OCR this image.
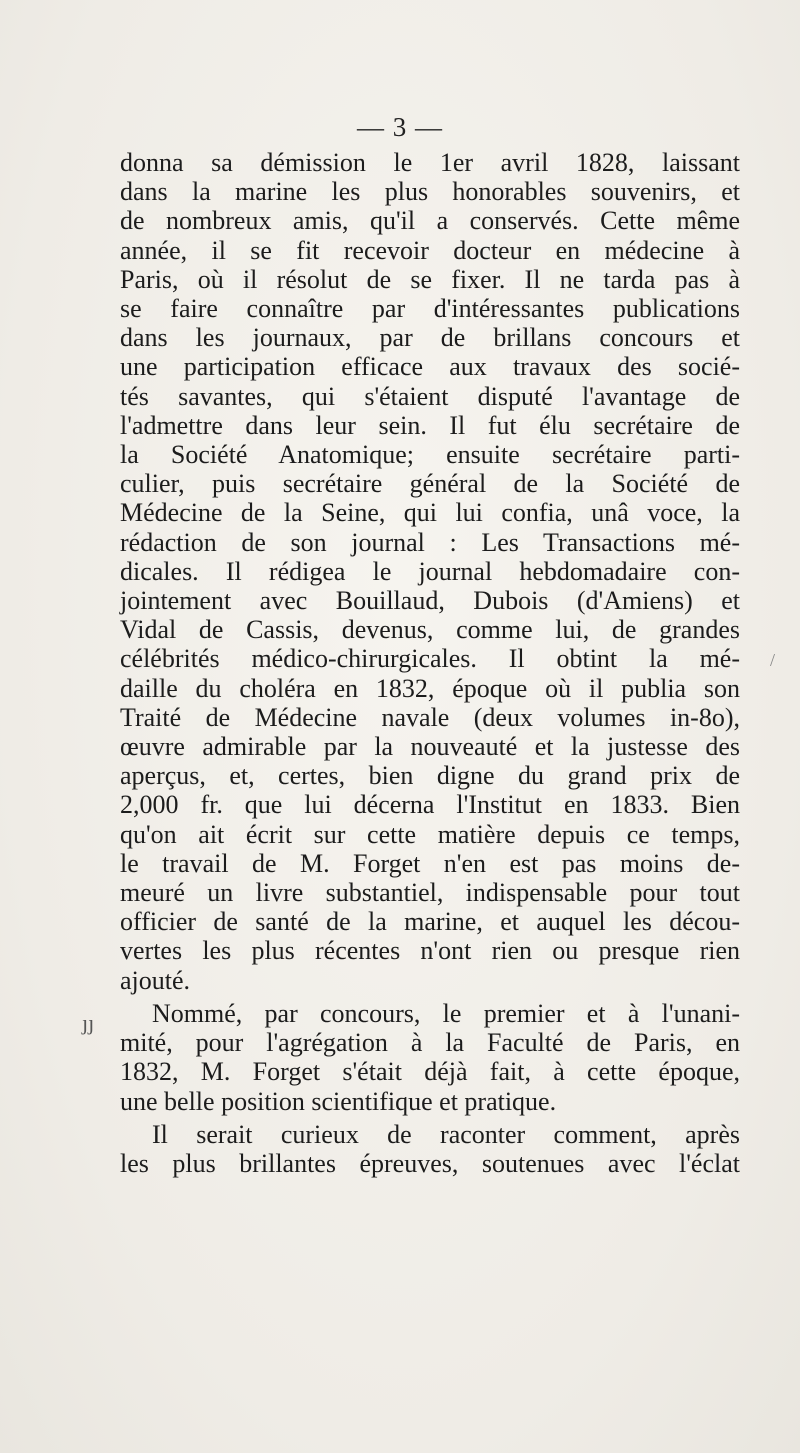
— 3 —
donna sa démission le 1er avril 1828, laissant
dans la marine les plus honorables souvenirs, et
de nombreux amis, qu'il a conservés. Cette même
année, il se fit recevoir docteur en médecine à
Paris, où il résolut de se fixer. Il ne tarda pas à
se faire connaître par d'intéressantes publications
dans les journaux, par de brillans concours et
une participation efficace aux travaux des socié-
tés savantes, qui s'étaient disputé l'avantage de
l'admettre dans leur sein. Il fut élu secrétaire de
la Société Anatomique; ensuite secrétaire parti-
culier, puis secrétaire général de la Société de
Médecine de la Seine, qui lui confia, unâ voce, la
rédaction de son journal : Les Transactions mé-
dicales. Il rédigea le journal hebdomadaire con-
jointement avec Bouillaud, Dubois (d'Amiens) et
Vidal de Cassis, devenus, comme lui, de grandes
célébrités médico-chirurgicales. Il obtint la mé-
daille du choléra en 1832, époque où il publia son
Traité de Médecine navale (deux volumes in-8o),
œuvre admirable par la nouveauté et la justesse des
aperçus, et, certes, bien digne du grand prix de
2,000 fr. que lui décerna l'Institut en 1833. Bien
qu'on ait écrit sur cette matière depuis ce temps,
le travail de M. Forget n'en est pas moins de-
meuré un livre substantiel, indispensable pour tout
officier de santé de la marine, et auquel les décou-
vertes les plus récentes n'ont rien ou presque rien
ajouté.
Nommé, par concours, le premier et à l'unani-
mité, pour l'agrégation à la Faculté de Paris, en
1832, M. Forget s'était déjà fait, à cette époque,
une belle position scientifique et pratique.
Il serait curieux de raconter comment, après
les plus brillantes épreuves, soutenues avec l'éclat
ȷȷ
/
